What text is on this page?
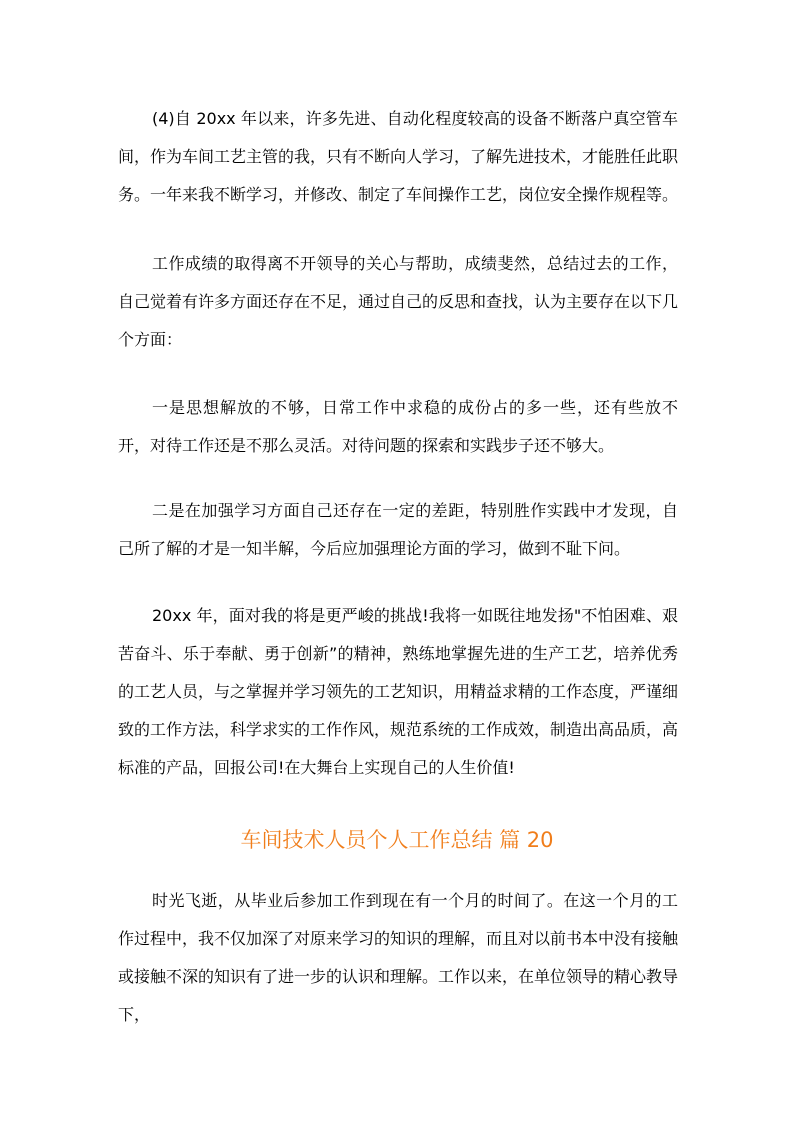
(4)自 20xx 年以来，许多先进、自动化程度较高的设备不断落户真空管车间，作为车间工艺主管的我，只有不断向人学习，了解先进技术，才能胜任此职务。一年来我不断学习，并修改、制定了车间操作工艺，岗位安全操作规程等。

工作成绩的取得离不开领导的关心与帮助，成绩斐然，总结过去的工作，自己觉着有许多方面还存在不足，通过自己的反思和查找，认为主要存在以下几个方面：

一是思想解放的不够，日常工作中求稳的成份占的多一些，还有些放不开，对待工作还是不那么灵活。对待问题的探索和实践步子还不够大。

二是在加强学习方面自己还存在一定的差距，特别胜作实践中才发现，自己所了解的才是一知半解，今后应加强理论方面的学习，做到不耻下问。

20xx 年，面对我的将是更严峻的挑战!我将一如既往地发扬"不怕困难、艰苦奋斗、乐于奉献、勇于创新”的精神，熟练地掌握先进的生产工艺，培养优秀的工艺人员，与之掌握并学习领先的工艺知识，用精益求精的工作态度，严谨细致的工作方法，科学求实的工作作风，规范系统的工作成效，制造出高品质，高标准的产品，回报公司!在大舞台上实现自己的人生价值!

车间技术人员个人工作总结 篇 20

时光飞逝，从毕业后参加工作到现在有一个月的时间了。在这一个月的工作过程中，我不仅加深了对原来学习的知识的理解，而且对以前书本中没有接触或接触不深的知识有了进一步的认识和理解。工作以来，在单位领导的精心教导下，
